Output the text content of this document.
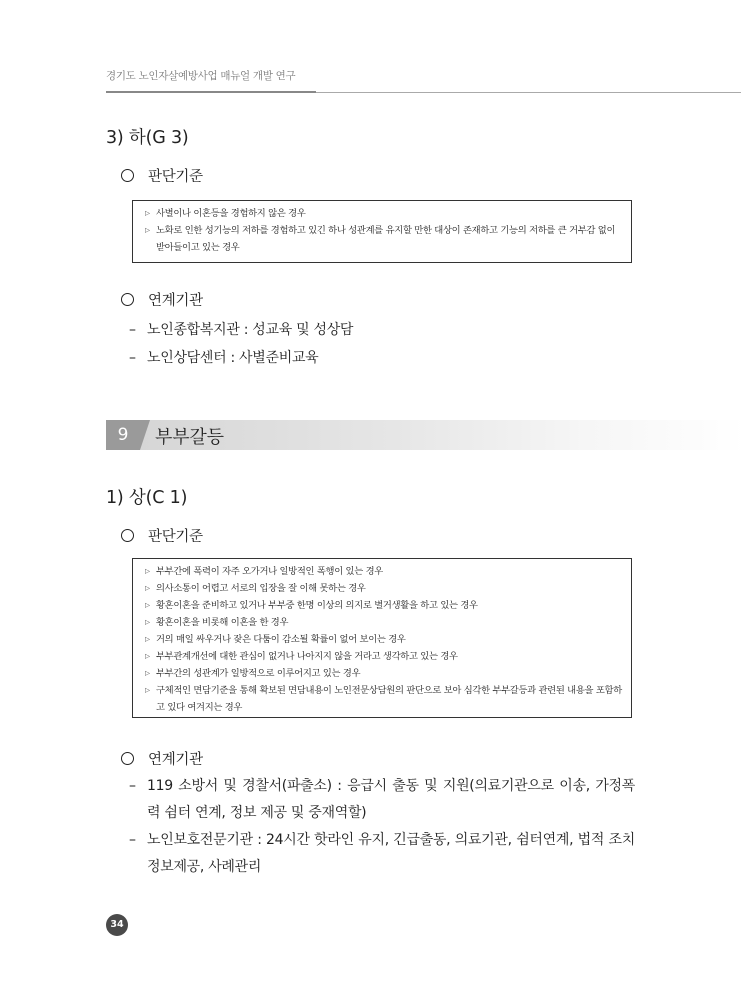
경기도 노인자살예방사업 매뉴얼 개발 연구
3) 하(G 3)
판단기준
▷ 사별이나 이혼등을 경험하지 않은 경우
▷ 노화로 인한 성기능의 저하를 경험하고 있긴 하나 성관계를 유지할 만한 대상이 존재하고 기능의 저하를 큰 거부감 없이 받아들이고 있는 경우
연계기관
– 노인종합복지관 : 성교육 및 성상담
– 노인상담센터 : 사별준비교육
9	부부갈등
1) 상(C 1)
판단기준
▷ 부부간에 폭력이 자주 오가거나 일방적인 폭행이 있는 경우
▷ 의사소통이 어렵고 서로의 입장을 잘 이해 못하는 경우
▷ 황혼이혼을 준비하고 있거나 부부중 한명 이상의 의지로 별거생활을 하고 있는 경우
▷ 황혼이혼을 비롯해 이혼을 한 경우
▷ 거의 매일 싸우거나 잦은 다툼이 감소될 확률이 없어 보이는 경우
▷ 부부관계개선에 대한 관심이 없거나 나아지지 않을 거라고 생각하고 있는 경우
▷ 부부간의 성관계가 일방적으로 이루어지고 있는 경우
▷ 구체적인 면담기준을 통해 확보된 면담내용이 노인전문상담원의 판단으로 보아 심각한 부부갈등과 관련된 내용을 포함하고 있다 여겨지는 경우
연계기관
– 119 소방서 및 경찰서(파출소) : 응급시 출동 및 지원(의료기관으로 이송, 가정폭력 쉼터 연계, 정보 제공 및 중재역할)
– 노인보호전문기관 : 24시간 핫라인 유지, 긴급출동, 의료기관, 쉼터연계, 법적 조치 정보제공, 사례관리
34
